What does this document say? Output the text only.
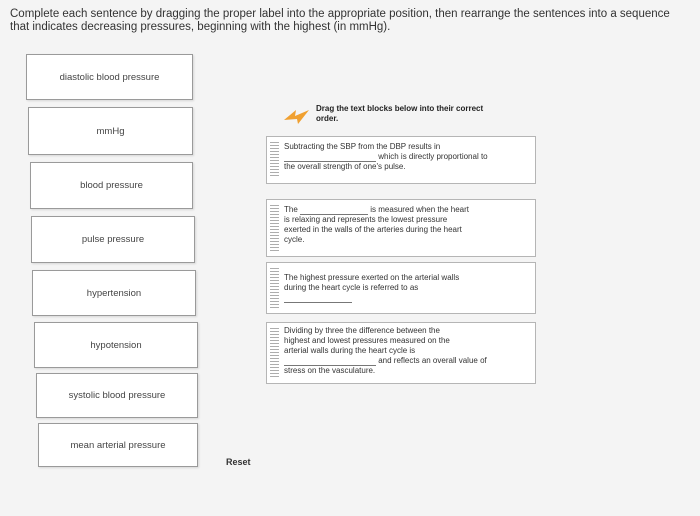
Complete each sentence by dragging the proper label into the appropriate position, then rearrange the sentences into a sequence that indicates decreasing pressures, beginning with the highest (in mmHg).
diastolic blood pressure
mmHg
blood pressure
pulse pressure
hypertension
hypotension
systolic blood pressure
mean arterial pressure
Drag the text blocks below into their correct order.
Subtracting the SBP from the DBP results in
which is directly proportional to
the overall strength of one's pulse.
The	is measured when the heart
is relaxing and represents the lowest pressure
exerted in the walls of the arteries during the heart
cycle.
The highest pressure exerted on the arterial walls
during the heart cycle is referred to as
Dividing by three the difference between the
highest and lowest pressures measured on the
arterial walls during the heart cycle is
and reflects an overall value of
stress on the vasculature.
Reset
